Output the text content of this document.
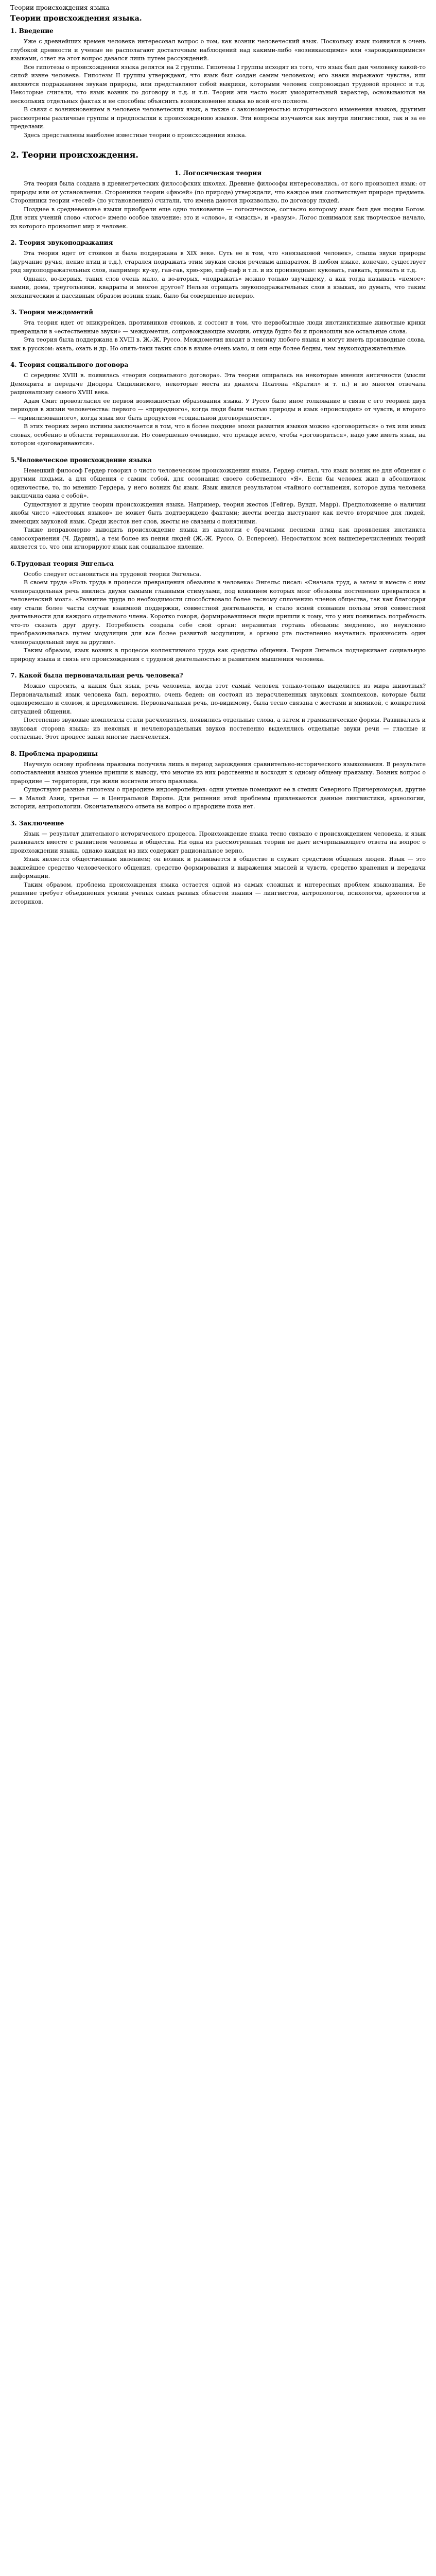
Теории происхождения языка
Теории происхождения языка.
1. Введение

Уже с древнейших времен человека интересовал вопрос о том, как возник человеческий язык. Поскольку язык появился в очень глубокой древности и ученые не располагают достаточным наблюдений над какими-либо «возникающими» или «зарождающимися» языками, ответ на этот вопрос давался лишь путем рассуждений.

Все гипотезы о происхождении языка делятся на 2 группы. Гипотезы I группы исходят из того, что язык был дан человеку какой-то силой извне человека. Гипотезы II группы утверждают, что язык был создан самим человеком; его знаки выражают чувства, или являются подражанием звукам природы, или представляют собой выкрики, которыми человек сопровождал трудовой процесс и т.д. Некоторые считали, что язык возник по договору и т.д. и т.п. Теории эти часто носят умозрительный характер, основываются на нескольких отдельных фактах и не способны объяснить возникновение языка во всей его полноте.

В связи с возникновением в человеке человеческих язык, а также с закономерностью исторического изменения языков, другими рассмотрены различные группы и предпосылки к происхождению языков. Эти вопросы изучаются как внутри лингвистики, так и за ее пределами.

Здесь представлены наиболее известные теории о происхождении языка.

2. Теории происхождения.
1. Логосическая теория

Эта теория была создана в древнегреческих философских школах. Древние философы интересовались, от кого произошел язык: от природы или от установления. Сторонники теории «фюсей» (по природе) утверждали, что каждое имя соответствует природе предмета. Сторонники теории «тесей» (по установлению) считали, что имена даются произвольно, по договору людей.

Позднее в средневековье языки приобрели еще одно толкование — логосическое, согласно которому язык был дан людям Богом. Для этих учений слово «логос» имело особое значение: это и «слово», и «мысль», и «разум». Логос понимался как творческое начало, из которого произошел мир и человек.

2. Теория звукоподражания

Эта теория идет от стоиков и была поддержана в XIX веке. Суть ее в том, что «неязыковой человек», слыша звуки природы (журчание ручья, пение птиц и т.д.), старался подражать этим звукам своим речевым аппаратом. В любом языке, конечно, существует ряд звукоподражательных слов, например: ку-ку, гав-гав, хрю-хрю, пиф-паф и т.п. и их производные: куковать, гавкать, хрюкать и т.д.

Однако, во-первых, таких слов очень мало, а во-вторых, «подражать» можно только звучащему, а как тогда называть «немое»: камни, дома, треугольники, квадраты и многое другое? Нельзя отрицать звукоподражательных слов в языках, но думать, что таким механическим и пассивным образом возник язык, было бы совершенно неверно.

3. Теория междометий

Эта теория идет от эпикурейцев, противников стоиков, и состоит в том, что первобытные люди инстинктивные животные крики превращали в «естественные звуки» — междометия, сопровождающие эмоции, откуда будто бы и произошли все остальные слова.

Эта теория была поддержана в XVIII в. Ж.-Ж. Руссо. Междометия входят в лексику любого языка и могут иметь производные слова, как в русском: ахать, охать и др. Но опять-таки таких слов в языке очень мало, и они еще более бедны, чем звукоподражательные.

4. Теория социального договора

С середины XVIII в. появилась «теория социального договора». Эта теория опиралась на некоторые мнения античности (мысли Демокрита в передаче Диодора Сицилийского, некоторые места из диалога Платона «Кратил» и т. п.) и во многом отвечала рационализму самого XVIII века.

Адам Смит провозгласил ее первой возможностью образования языка. У Руссо было иное толкование в связи с его теорией двух периодов в жизни человечества: первого — «природного», когда люди были частью природы и язык «происходил» от чувств, и второго — «цивилизованного», когда язык мог быть продуктом «социальной договоренности».

В этих теориях зерно истины заключается в том, что в более поздние эпохи развития языков можно «договориться» о тех или иных словах, особенно в области терминологии. Но совершенно очевидно, что прежде всего, чтобы «договориться», надо уже иметь язык, на котором «договариваются».

5.Человеческое происхождение языка

Немецкий философ Гердер говорил о чисто человеческом происхождении языка. Гердер считал, что язык возник не для общения с другими людьми, а для общения с самим собой, для осознания своего собственного «Я». Если бы человек жил в абсолютном одиночестве, то, по мнению Гердера, у него возник бы язык. Язык явился результатом «тайного соглашения, которое душа человека заключила сама с собой».

Существуют и другие теории происхождения языка. Например, теория жестов (Гейгер, Вундт, Марр). Предположение о наличии якобы чисто «жестовых языков» не может быть подтверждено фактами; жесты всегда выступают как нечто вторичное для людей, имеющих звуковой язык. Среди жестов нет слов, жесты не связаны с понятиями.

Также неправомерно выводить происхождение языка из аналогии с брачными песнями птиц как проявления инстинкта самосохранения (Ч. Дарвин), а тем более из пения людей (Ж.-Ж. Руссо, О. Есперсен). Недостатком всех вышеперечисленных теорий является то, что они игнорируют язык как социальное явление.

6.Трудовая теория Энгельса

Особо следует остановиться на трудовой теории Энгельса.

В своем труде «Роль труда в процессе превращения обезьяны в человека» Энгельс писал: «Сначала труд, а затем и вместе с ним членораздельная речь явились двумя самыми главными стимулами, под влиянием которых мозг обезьяны постепенно превратился в человеческий мозг». «Развитие труда по необходимости способствовало более тесному сплочению членов общества, так как благодаря ему стали более часты случаи взаимной поддержки, совместной деятельности, и стало ясней сознание пользы этой совместной деятельности для каждого отдельного члена. Коротко говоря, формировавшиеся люди пришли к тому, что у них появилась потребность что-то сказать друг другу. Потребность создала себе свой орган: неразвитая гортань обезьяны медленно, но неуклонно преобразовывалась путем модуляции для все более развитой модуляции, а органы рта постепенно научались произносить один членораздельный звук за другим».

Таким образом, язык возник в процессе коллективного труда как средство общения. Теория Энгельса подчеркивает социальную природу языка и связь его происхождения с трудовой деятельностью и развитием мышления человека.

7. Какой была первоначальная речь человека?

Можно спросить, а каким был язык, речь человека, когда этот самый человек только-только выделился из мира животных? Первоначальный язык человека был, вероятно, очень беден: он состоял из нерасчлененных звуковых комплексов, которые были одновременно и словом, и предложением. Первоначальная речь, по-видимому, была тесно связана с жестами и мимикой, с конкретной ситуацией общения.

Постепенно звуковые комплексы стали расчленяться, появились отдельные слова, а затем и грамматические формы. Развивалась и звуковая сторона языка: из неясных и нечленораздельных звуков постепенно выделялись отдельные звуки речи — гласные и согласные. Этот процесс занял многие тысячелетия.

8. Проблема прародины

Научную основу проблема праязыка получила лишь в период зарождения сравнительно-исторического языкознания. В результате сопоставления языков ученые пришли к выводу, что многие из них родственны и восходят к одному общему праязыку. Возник вопрос о прародине — территории, где жили носители этого праязыка.

Существуют разные гипотезы о прародине индоевропейцев: одни ученые помещают ее в степях Северного Причерноморья, другие — в Малой Азии, третьи — в Центральной Европе. Для решения этой проблемы привлекаются данные лингвистики, археологии, истории, антропологии. Окончательного ответа на вопрос о прародине пока нет.

3. Заключение

Язык — результат длительного исторического процесса. Происхождение языка тесно связано с происхождением человека, и язык развивался вместе с развитием человека и общества. Ни одна из рассмотренных теорий не дает исчерпывающего ответа на вопрос о происхождении языка, однако каждая из них содержит рациональное зерно.

Язык является общественным явлением; он возник и развивается в обществе и служит средством общения людей. Язык — это важнейшее средство человеческого общения, средство формирования и выражения мыслей и чувств, средство хранения и передачи информации.

Таким образом, проблема происхождения языка остается одной из самых сложных и интересных проблем языкознания. Ее решение требует объединения усилий ученых самых разных областей знания — лингвистов, антропологов, психологов, археологов и историков.
